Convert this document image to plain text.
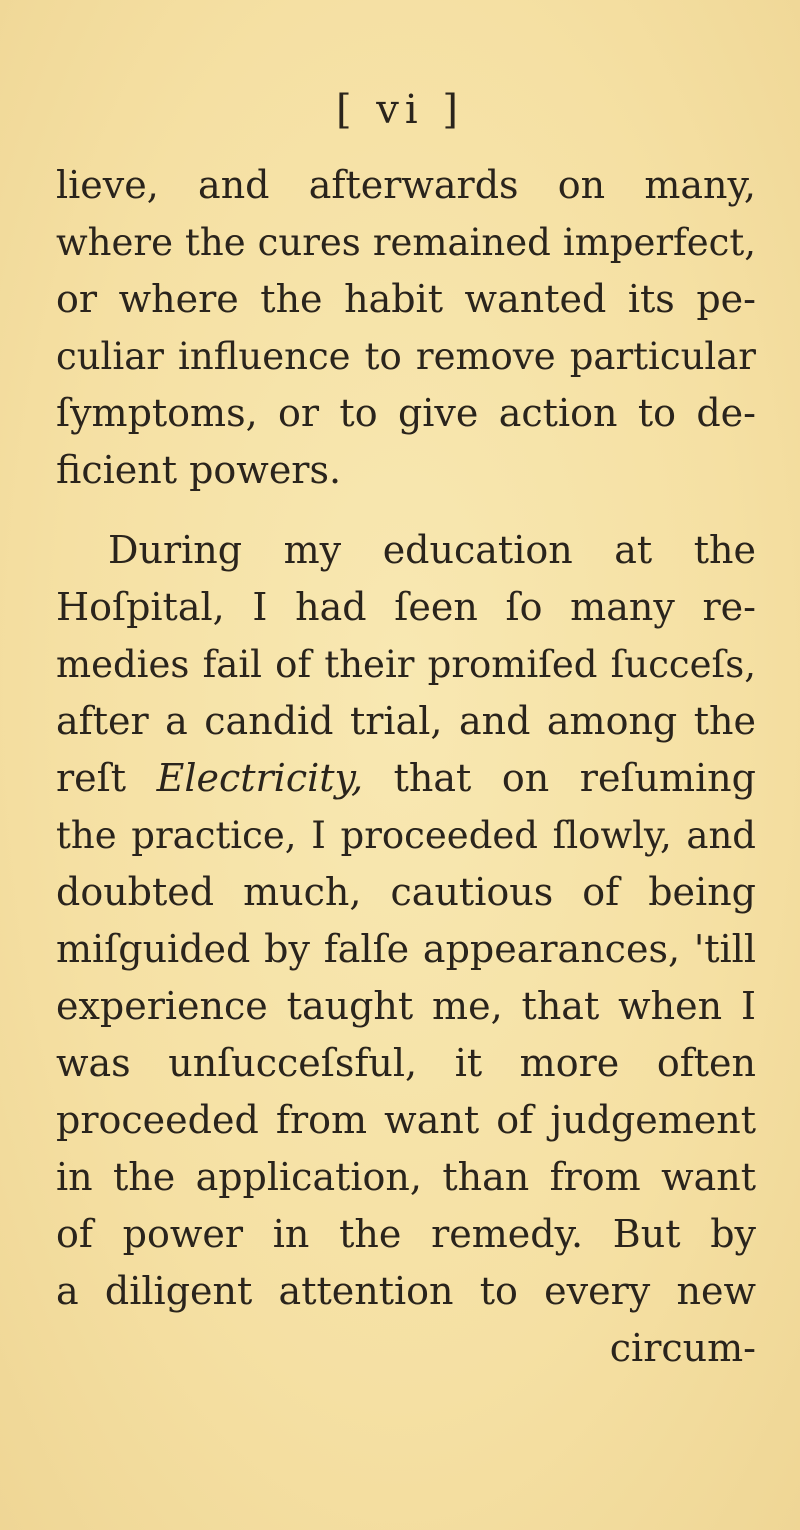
[ vi ]
lieve, and afterwards on many,
where the cures remained imperfect,
or where the habit wanted its pe-
culiar influence to remove particular
ſymptoms, or to give action to de-
ficient powers.
During my education at the
Hoſpital, I had ſeen ſo many re-
medies fail of their promiſed ſucceſs,
after a candid trial, and among the
reſt Electricity, that on reſuming
the practice, I proceeded ſlowly, and
doubted much, cautious of being
miſguided by falſe appearances, 'till
experience taught me, that when I
was unſucceſsful, it more often
proceeded from want of judgement
in the application, than from want
of power in the remedy. But by
a diligent attention to every new
circum-
